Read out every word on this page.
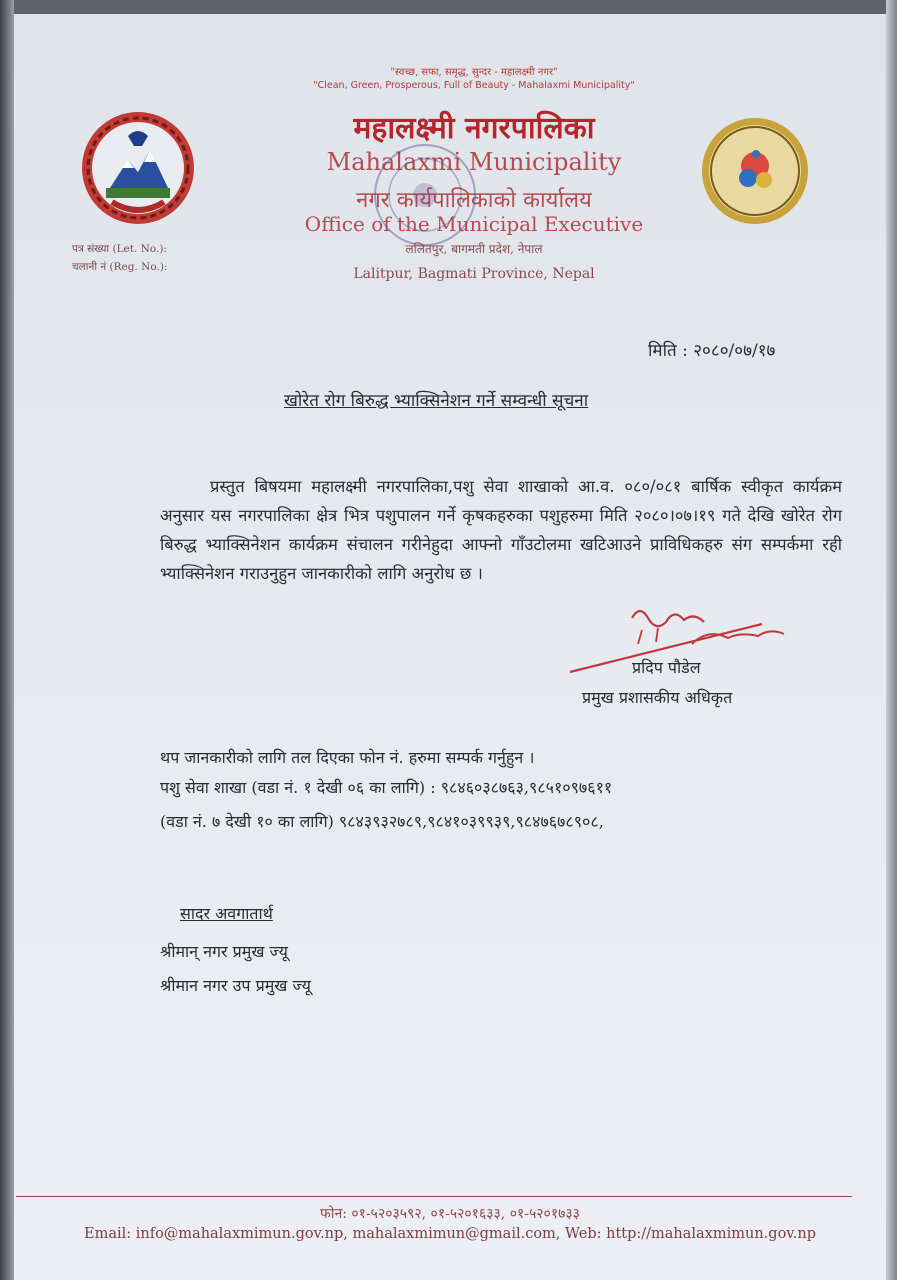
"स्वच्छ, सफा, समृद्ध, सुन्दर - महालक्ष्मी नगर"
"Clean, Green, Prosperous, Full of Beauty - Mahalaxmi Municipality"
महालक्ष्मी नगरपालिका
Mahalaxmi Municipality
नगर कार्यपालिकाको कार्यालय
Office of the Municipal Executive
ललितपुर, बागमती प्रदेश, नेपाल
Lalitpur, Bagmati Province, Nepal
पत्र संख्या (Let. No.):
चलानी नं (Reg. No.):
मिति : २०८०/०७/१७
खोरेत रोग बिरुद्ध भ्याक्सिनेशन गर्ने सम्वन्धी सूचना
प्रस्तुत बिषयमा महालक्ष्मी नगरपालिका,पशु सेवा शाखाको आ.व. ०८०/०८१ बार्षिक स्वीकृत कार्यक्रम अनुसार यस नगरपालिका क्षेत्र भित्र पशुपालन गर्ने कृषकहरुका पशुहरुमा मिति २०८०।०७।१९ गते देखि खोरेत रोग बिरुद्ध भ्याक्सिनेशन कार्यक्रम संचालन गरीनेहुदा आफ्नो गाँउटोलमा खटिआउने प्राविधिकहरु संग सम्पर्कमा रही भ्याक्सिनेशन गराउनुहुन जानकारीको लागि अनुरोध छ ।
प्रदिप पौडेल
प्रमुख प्रशासकीय अधिकृत
थप जानकारीको लागि तल दिएका फोन नं. हरुमा सम्पर्क गर्नुहुन ।
पशु सेवा शाखा (वडा नं. १ देखी ०६ का लागि) : ९८४६०३८७६३,९८५१०९७६११
(वडा नं. ७ देखी १० का लागि) ९८४३९३२७८९,९८४१०३९९३९,९८४७६७८९०८,
सादर अवगातार्थ
श्रीमान् नगर प्रमुख ज्यू
श्रीमान नगर उप प्रमुख ज्यू
फोन: ०१-५२०३५९२, ०१-५२०१६३३, ०१-५२०१७३३
Email: info@mahalaxmimun.gov.np, mahalaxmimun@gmail.com, Web: http://mahalaxmimun.gov.np
